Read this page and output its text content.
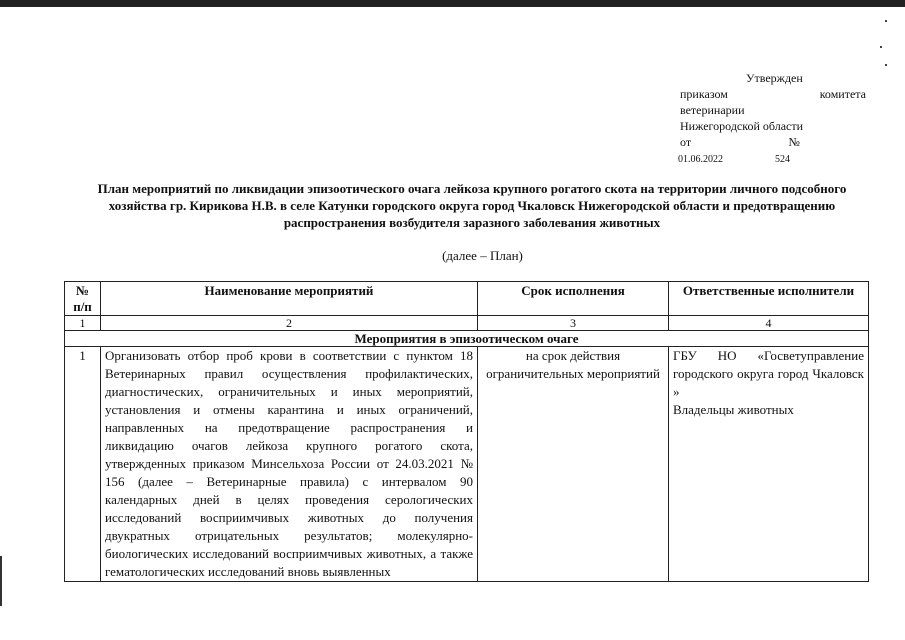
Утвержден
приказом	комитета
ветеринарии
Нижегородской области
от	№
01.06.2022	524
План мероприятий по ликвидации эпизоотического очага лейкоза крупного рогатого скота на территории личного подсобного хозяйства гр. Кирикова Н.В. в селе Катунки городского округа город Чкаловск Нижегородской области и предотвращению распространения возбудителя заразного заболевания животных
(далее – План)
№ п/п	Наименование мероприятий	Срок исполнения	Ответственные исполнители
1	2	3	4
Мероприятия в эпизоотическом очаге			
1	Организовать отбор проб крови в соответствии с пунктом 18 Ветеринарных правил осуществления профилактических, диагностических, ограничительных и иных мероприятий, установления и отмены карантина и иных ограничений, направленных на предотвращение распространения и ликвидацию очагов лейкоза крупного рогатого скота, утвержденных приказом Минсельхоза России от 24.03.2021 № 156 (далее – Ветеринарные правила) с интервалом 90 календарных дней в целях проведения серологических исследований восприимчивых животных до получения двукратных отрицательных результатов; молекулярно-биологических исследований восприимчивых животных, а также гематологических исследований вновь выявленных	на срок действия ограничительных мероприятий	ГБУ НО «Госветуправление городского округа город Чкаловск »
Владельцы животных
